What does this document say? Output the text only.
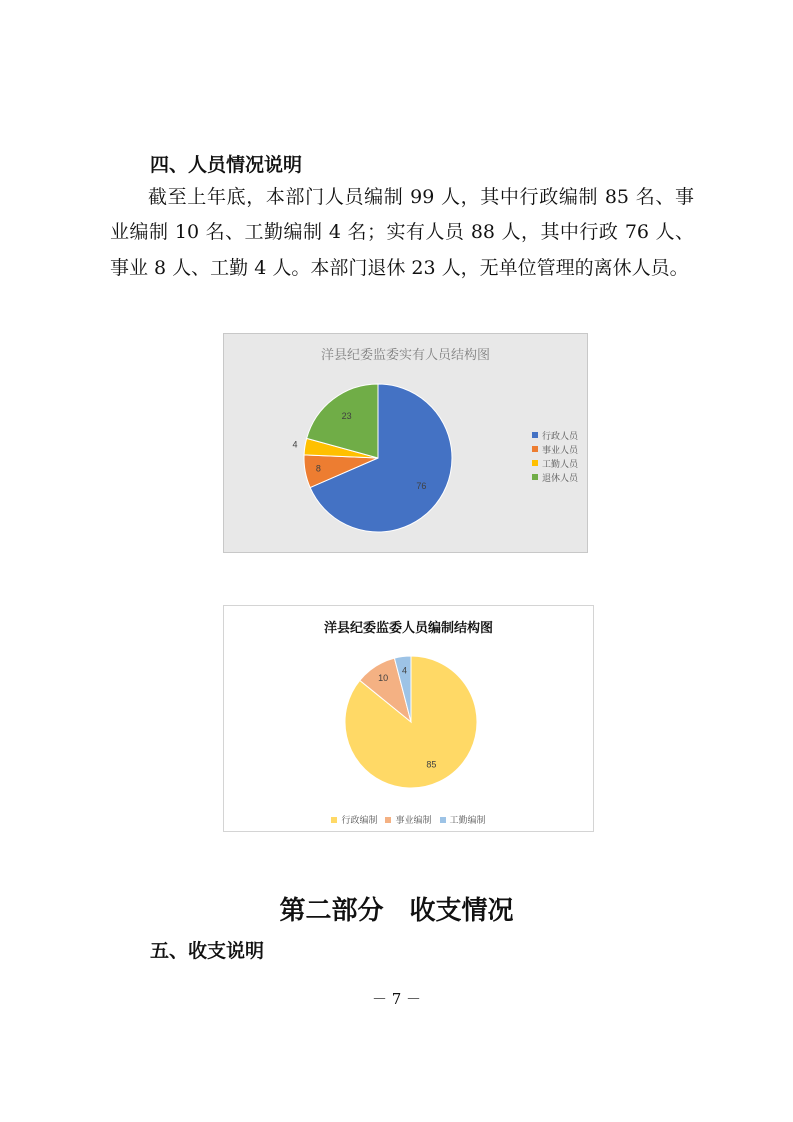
四、人员情况说明

截至上年底，本部门人员编制 99 人，其中行政编制 85 名、事业编制 10 名、工勤编制 4 名；实有人员 88 人，其中行政 76 人、事业 8 人、工勤 4 人。本部门退休 23 人，无单位管理的离休人员。

洋县纪委监委实有人员结构图
76
8
4
23
行政人员
事业人员
工勤人员
退休人员
洋县纪委监委人员编制结构图
85
10
4
行政编制 事业编制 工勤编制
第二部分　收支情况
五、收支说明
－ 7 －
